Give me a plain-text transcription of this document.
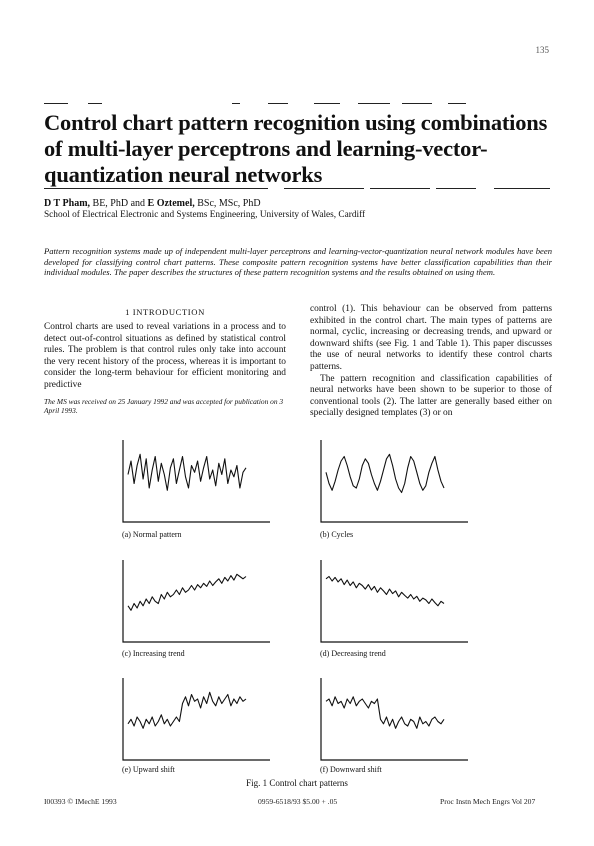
135
Control chart pattern recognition using combinations of multi-layer perceptrons and learning-vector-quantization neural networks
D T Pham, BE, PhD and E Oztemel, BSc, MSc, PhD
School of Electrical Electronic and Systems Engineering, University of Wales, Cardiff
Pattern recognition systems made up of independent multi-layer perceptrons and learning-vector-quantization neural network modules have been developed for classifying control chart patterns. These composite pattern recognition systems have better classification capabilities than their individual modules. The paper describes the structures of these pattern recognition systems and the results obtained on using them.
1 INTRODUCTION

Control charts are used to reveal variations in a process and to detect out-of-control situations as defined by statistical control rules. The problem is that control rules only take into account the very recent history of the process, whereas it is important to consider the long-term behaviour for efficient monitoring and predictive

The MS was received on 25 January 1992 and was accepted for publication on 3 April 1993.

control (1). This behaviour can be observed from patterns exhibited in the control chart. The main types of patterns are normal, cyclic, increasing or decreasing trends, and upward or downward shifts (see Fig. 1 and Table 1). This paper discusses the use of neural networks to identify these control charts patterns.

The pattern recognition and classification capabilities of neural networks have been shown to be superior to those of conventional tools (2). The latter are generally based either on specially designed templates (3) or on

(a) Normal pattern	(b) Cycles
(c) Increasing trend	(d) Decreasing trend
(e) Upward shift	(f) Downward shift
Fig. 1 Control chart patterns
I00393 © IMechE 1993	0959-6518/93 $5.00 + .05	Proc Instn Mech Engrs Vol 207
